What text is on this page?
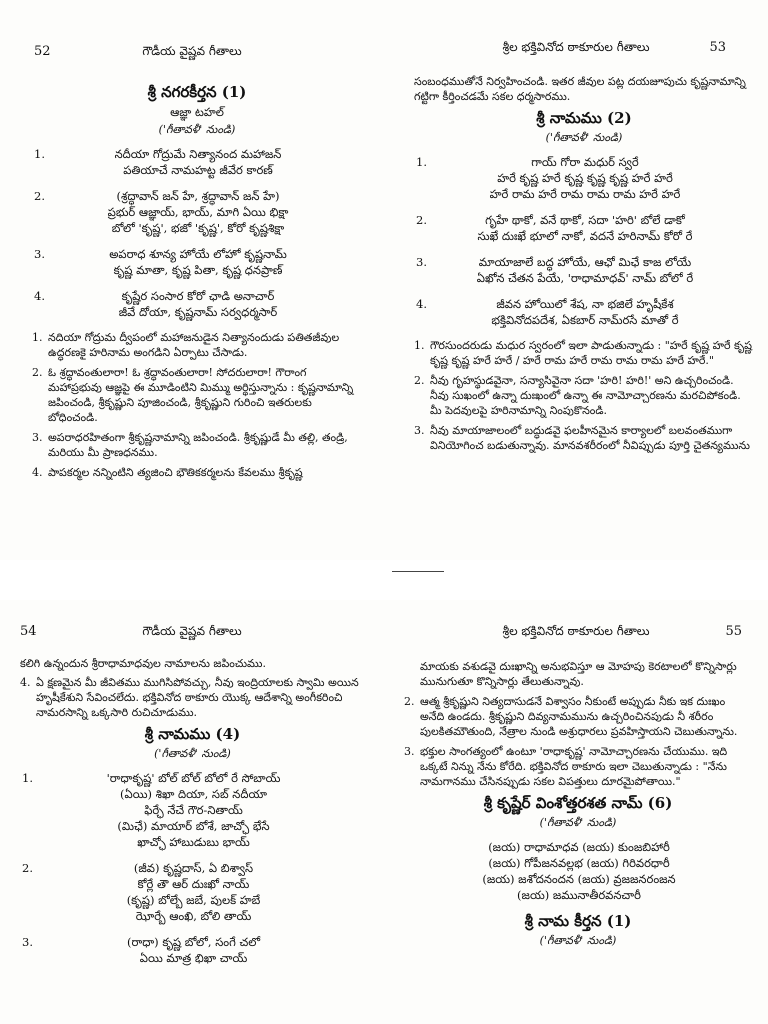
52	గౌడీయ వైష్ణవ గీతాలు
శ్రీ నగరకీర్తన (1)
ఆజ్ఞా టహల్
('గీతావళీ' నుండి)
1.	నదీయా గోద్రుమే నిత్యానంద మహాజన్
పతియాచే నామహట్ట జీవేర కారణ్
2.	(శ్రద్ధావాన్ జన్ హే, శ్రద్ధావాన్ జన్ హే)
ప్రభుర్ ఆజ్ఞాయ్, భాయ్, మాగి ఏయి భిక్షా
బోలో 'కృష్ణ', భజో 'కృష్ణ', కోరో కృష్ణశిక్షా
3.	అపరాధ శూన్య హోయే లోహో కృష్ణనామ్
కృష్ణ మాతా, కృష్ణ పితా, కృష్ణ ధనప్రాణ్
4.	కృష్ణేర సంసార కోరో ఛాడి అనాచార్
జీవే దోయా, కృష్ణనామ్ సర్వధర్మసార్
1. నదియా గోద్రుమ ద్వీపంలో మహాజనుడైన నిత్యానందుడు పతితజీవుల ఉద్ధరణకై హరినామ అంగడిని ఏర్పాటు చేసాడు.
2. ఓ శ్రద్ధావంతులారా! ఓ శ్రద్ధావంతులారా! సోదరులారా! గౌరాంగ మహాప్రభువు ఆజ్ఞపై ఈ మూడింటిని మిమ్ము అర్థిస్తున్నాను : కృష్ణనామాన్ని జపించండి, శ్రీకృష్ణుని పూజించండి, శ్రీకృష్ణుని గురించి ఇతరులకు బోధించండి.
3. అపరాధరహితంగా శ్రీకృష్ణనామాన్ని జపించండి. శ్రీకృష్ణుడే మీ తల్లి, తండ్రి, మరియు మీ ప్రాణధనము.
4. పాపకర్మల నన్నింటిని త్యజించి భౌతికకర్మలను కేవలము శ్రీకృష్ణ
53
శ్రీల భక్తివినోద ఠాకూరుల గీతాలు
సంబంధముతోనే నిర్వహించండి. ఇతర జీవుల పట్ల దయజూపుచు కృష్ణనామాన్ని గట్టిగా కీర్తించడమే సకల ధర్మసారము.
శ్రీ నామము (2)
('గీతావళీ' నుండి)
1.	గాయ్ గోరా మధుర్ స్వరే
హరే కృష్ణ హరే కృష్ణ కృష్ణ కృష్ణ హరే హరే
హరే రామ హరే రామ రామ రామ హరే హరే
2.	గృహే థాకో, వనే థాకో, సదా 'హరి' బోలే డాకో
సుఖే దుఃఖే భూలో నాకో, వదనే హరినామ్ కోరో రే
3.	మాయాజాలే బద్ధ హోయే, ఆఛో మిఛే కాజ లోయే
ఏఖోన చేతన పేయే, 'రాధామాధవ్' నామ్ బోలో రే
4.	జీవన హోయిలో శేష, నా భజిలే హృషీకేశ
భక్తివినోదపదేశ, ఏకబార్ నామ్‌రసే మాతో రే
1. గౌరసుందరుడు మధుర స్వరంలో ఇలా పాడుతున్నాడు : "హరే కృష్ణ హరే కృష్ణ కృష్ణ కృష్ణ హరే హరే / హరే రామ హరే రామ రామ రామ హరే హరే."
2. నీవు గృహస్థుడవైనా, సన్యాసివైనా సదా 'హరి! హరి!' అని ఉచ్చరించండి. నీవు సుఖంలో ఉన్నా దుఃఖంలో ఉన్నా ఈ నామోచ్చారణను మరచిపోకండి. మీ పెదవులపై హరినామాన్ని నింపుకొనండి.
3. నీవు మాయాజాలంలో బద్ధుడవై ఫలహీనమైన కార్యాలలో బలవంతముగా వినియోగించ బడుతున్నావు. మానవశరీరంలో నీవిప్పుడు పూర్తి చైతన్యమును
54	గౌడీయ వైష్ణవ గీతాలు
కలిగి ఉన్నందున శ్రీరాధామాధవుల నామాలను జపించుము.
4. ఏ క్షణమైన మీ జీవితము ముగిసిపోవచ్చు, నీవు ఇంద్రియాలకు స్వామి అయిన హృషీకేశుని సేవించలేదు. భక్తివినోద ఠాకూరు యొక్క ఆదేశాన్ని అంగీకరించి నామరసాన్ని ఒక్కసారి రుచిచూడుము.
శ్రీ నామము (4)
('గీతావళీ' నుండి)
1.	'రాధాకృష్ణ' బోల్ బోల్ బోలో రే సోబాయ్
(ఏయి) శిఖా దియా, సబ్ నదీయా
ఫిర్ఛే నేచే గౌర-నితాయ్
(మిఛే) మాయార్ బోశే, జాచ్ఛో భేసే
ఖాచ్ఛో హాబుడుబు భాయ్
2.	(జీవ) కృష్ణదాస్, ఏ బిశ్వాస్
కోర్లే తౌ ఆర్ దుఃఖో నాయ్
(కృష్ణ) బోల్బే జబే, పులక్ హబే
ఝోర్బే ఆంఖి, బోలి తాయ్
3.	(రాధా) కృష్ణ బోలో, సంగే చలో
ఏయి మాత్ర భిఖా చాయ్
55
శ్రీల భక్తివినోద ఠాకూరుల గీతాలు
మాయకు వశుడవై దుఃఖాన్ని అనుభవిస్తూ ఆ మోహపు కెరటాలలో కొన్నిసార్లు మునుగుతూ కొన్నిసార్లు తేలుతున్నావు.
2. ఆత్మ శ్రీకృష్ణుని నిత్యదాసుడనే విశ్వాసం నీకుంటే అప్పుడు నీకు ఇక దుఃఖం అనేది ఉండదు. శ్రీకృష్ణుని దివ్యనామమును ఉచ్చరించినపుడు నీ శరీరం పులకితమౌతుంది, నేత్రాల నుండి అశ్రుధారలు ప్రవహిస్తాయని చెబుతున్నాను.
3. భక్తుల సాంగత్యంలో ఉంటూ 'రాధాకృష్ణ' నామోచ్చారణను చేయుము. ఇది ఒక్కటే నిన్ను నేను కోరేది. భక్తివినోద ఠాకూరు ఇలా చెబుతున్నాడు : "నేను నామగానము చేసినప్పుడు సకల విపత్తులు దూరమైపోతాయి."
శ్రీ కృష్ణేర్ వింశోత్తరశత నామ్ (6)
('గీతావళీ' నుండి)
(జయ) రాధామాధవ (జయ) కుంజబిహారీ
(జయ) గోపీజనవల్లభ (జయ) గిరివరధారీ
(జయ) జశోదనందన (జయ) వ్రజజనరంజన
(జయ) జమునాతీరవనచారీ
శ్రీ నామ కీర్తన (1)
('గీతావళీ' నుండి)
